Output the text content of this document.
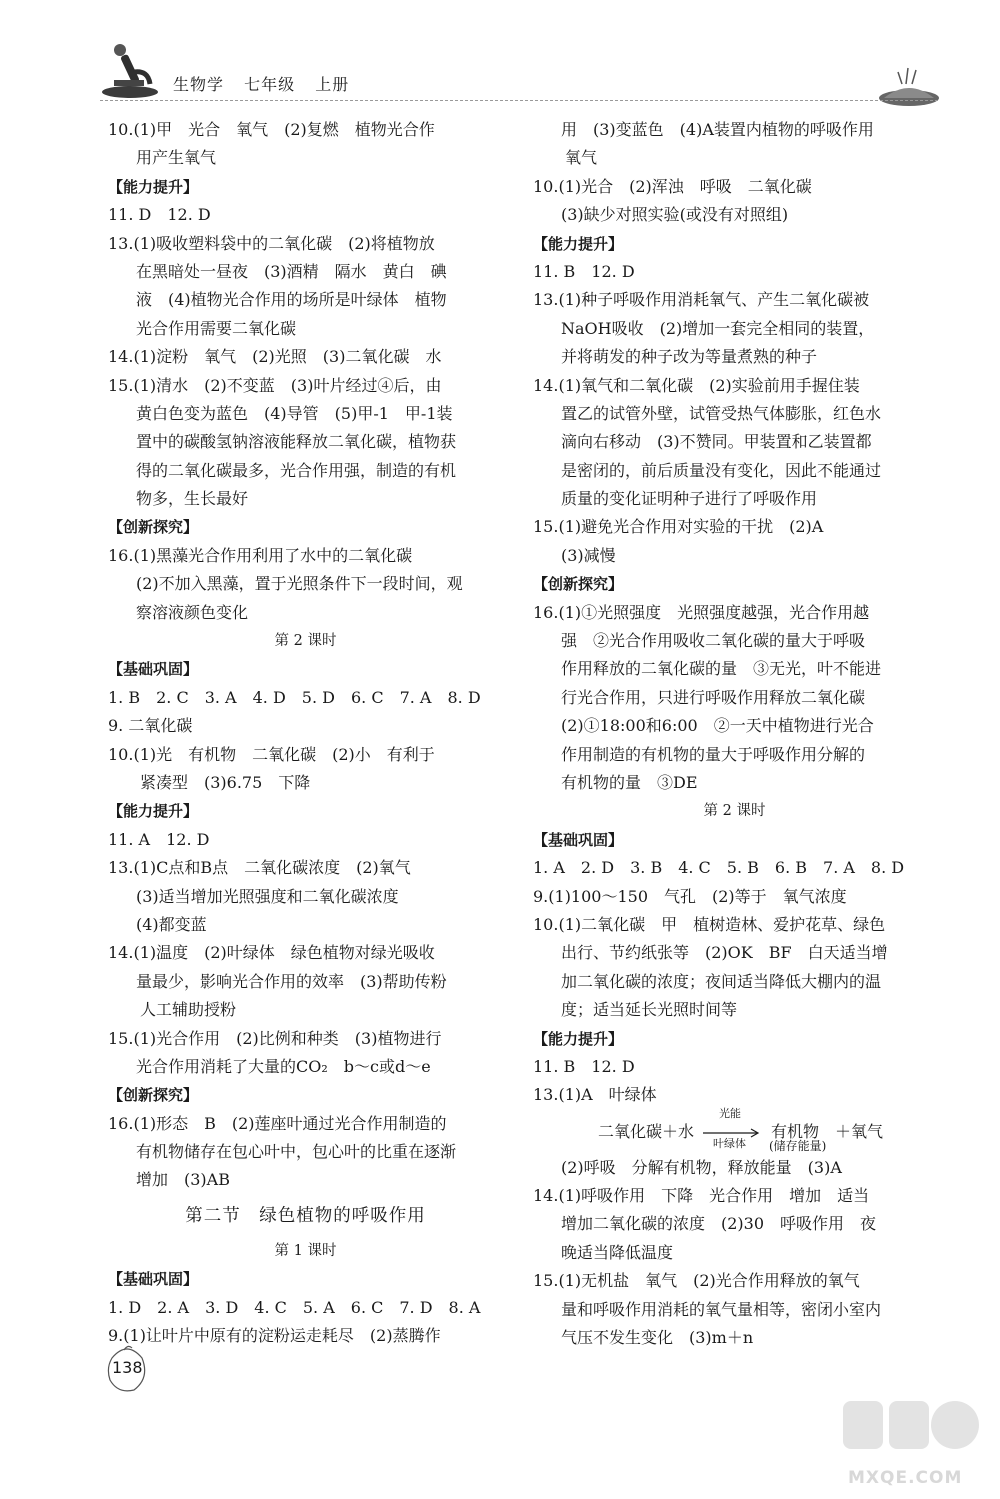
生物学 七年级 上册
10.(1)甲　光合　氧气　(2)复燃　植物光合作
用产生氧气
【能力提升】
11. D　12. D
13.(1)吸收塑料袋中的二氧化碳　(2)将植物放
在黑暗处一昼夜　(3)酒精　隔水　黄白　碘
液　(4)植物光合作用的场所是叶绿体　植物
光合作用需要二氧化碳
14.(1)淀粉　氧气　(2)光照　(3)二氧化碳　水
15.(1)清水　(2)不变蓝　(3)叶片经过④后，由
黄白色变为蓝色　(4)导管　(5)甲-1　甲-1装
置中的碳酸氢钠溶液能释放二氧化碳，植物获
得的二氧化碳最多，光合作用强，制造的有机
物多，生长最好
【创新探究】
16.(1)黑藻光合作用利用了水中的二氧化碳
(2)不加入黑藻，置于光照条件下一段时间，观
察溶液颜色变化
第 2 课时
【基础巩固】
1. B　2. C　3. A　4. D　5. D　6. C　7. A　8. D
9. 二氧化碳
10.(1)光　有机物　二氧化碳　(2)小　有利于
紧凑型　(3)6.75　下降
【能力提升】
11. A　12. D
13.(1)C点和B点　二氧化碳浓度　(2)氧气
(3)适当增加光照强度和二氧化碳浓度
(4)都变蓝
14.(1)温度　(2)叶绿体　绿色植物对绿光吸收
量最少，影响光合作用的效率　(3)帮助传粉
人工辅助授粉
15.(1)光合作用　(2)比例和种类　(3)植物进行
光合作用消耗了大量的CO₂　b～c或d～e
【创新探究】
16.(1)形态　B　(2)莲座叶通过光合作用制造的
有机物储存在包心叶中，包心叶的比重在逐渐
增加　(3)AB
第二节　绿色植物的呼吸作用
第 1 课时
【基础巩固】
1. D　2. A　3. D　4. C　5. A　6. C　7. D　8. A
9.(1)让叶片中原有的淀粉运走耗尽　(2)蒸腾作
用　(3)变蓝色　(4)A装置内植物的呼吸作用
氧气
10.(1)光合　(2)浑浊　呼吸　二氧化碳
(3)缺少对照实验(或没有对照组)
【能力提升】
11. B　12. D
13.(1)种子呼吸作用消耗氧气、产生二氧化碳被
NaOH吸收　(2)增加一套完全相同的装置，
并将萌发的种子改为等量煮熟的种子
14.(1)氧气和二氧化碳　(2)实验前用手握住装
置乙的试管外壁，试管受热气体膨胀，红色水
滴向右移动　(3)不赞同。甲装置和乙装置都
是密闭的，前后质量没有变化，因此不能通过
质量的变化证明种子进行了呼吸作用
15.(1)避免光合作用对实验的干扰　(2)A
(3)减慢
【创新探究】
16.(1)①光照强度　光照强度越强，光合作用越
强　②光合作用吸收二氧化碳的量大于呼吸
作用释放的二氧化碳的量　③无光，叶不能进
行光合作用，只进行呼吸作用释放二氧化碳
(2)①18:00和6:00　②一天中植物进行光合
作用制造的有机物的量大于呼吸作用分解的
有机物的量　③DE
第 2 课时
【基础巩固】
1. A　2. D　3. B　4. C　5. B　6. B　7. A　8. D
9.(1)100～150　气孔　(2)等于　氧气浓度
10.(1)二氧化碳　甲　植树造林、爱护花草、绿色
出行、节约纸张等　(2)OK　BF　白天适当增
加二氧化碳的浓度；夜间适当降低大棚内的温
度；适当延长光照时间等
【能力提升】
11. B　12. D
13.(1)A　叶绿体
二氧化碳＋水
光能
叶绿体
有机物　＋氧气
(储存能量)
(2)呼吸　分解有机物，释放能量　(3)A
14.(1)呼吸作用　下降　光合作用　增加　适当
增加二氧化碳的浓度　(2)30　呼吸作用　夜
晚适当降低温度
15.(1)无机盐　氧气　(2)光合作用释放的氧气
量和呼吸作用消耗的氧气量相等，密闭小室内
气压不发生变化　(3)m＋n
138
MXQE.COM
